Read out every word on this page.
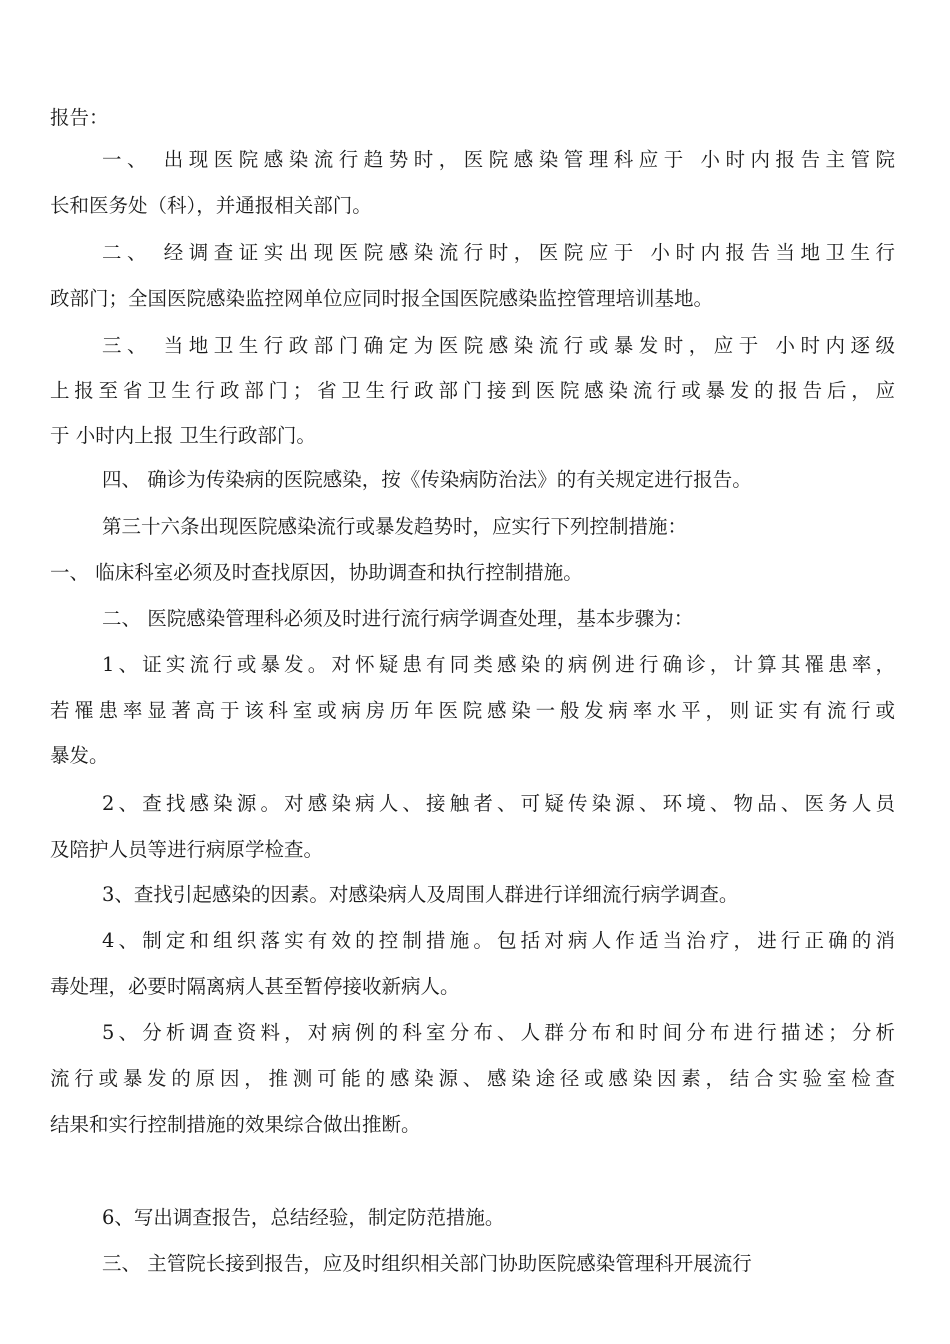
报告：
一、 出现医院感染流行趋势时，医院感染管理科应于 小时内报告主管院
长和医务处（科），并通报相关部门。
二、 经调查证实出现医院感染流行时，医院应于 小时内报告当地卫生行
政部门；全国医院感染监控网单位应同时报全国医院感染监控管理培训基地。
三、 当地卫生行政部门确定为医院感染流行或暴发时，应于 小时内逐级
上报至省卫生行政部门；省卫生行政部门接到医院感染流行或暴发的报告后，应
于 小时内上报 卫生行政部门。
四、 确诊为传染病的医院感染，按《传染病防治法》的有关规定进行报告。
第三十六条出现医院感染流行或暴发趋势时，应实行下列控制措施：
一、 临床科室必须及时查找原因，协助调查和执行控制措施。
二、 医院感染管理科必须及时进行流行病学调查处理，基本步骤为：
1、证实流行或暴发。对怀疑患有同类感染的病例进行确诊，计算其罹患率，
若罹患率显著高于该科室或病房历年医院感染一般发病率水平，则证实有流行或
暴发。
2、查找感染源。对感染病人、接触者、可疑传染源、环境、物品、医务人员
及陪护人员等进行病原学检查。
3、查找引起感染的因素。对感染病人及周围人群进行详细流行病学调查。
4、制定和组织落实有效的控制措施。包括对病人作适当治疗，进行正确的消
毒处理，必要时隔离病人甚至暂停接收新病人。
5、分析调查资料，对病例的科室分布、人群分布和时间分布进行描述；分析
流行或暴发的原因，推测可能的感染源、感染途径或感染因素，结合实验室检查
结果和实行控制措施的效果综合做出推断。
6、写出调查报告，总结经验，制定防范措施。
三、 主管院长接到报告，应及时组织相关部门协助医院感染管理科开展流行
